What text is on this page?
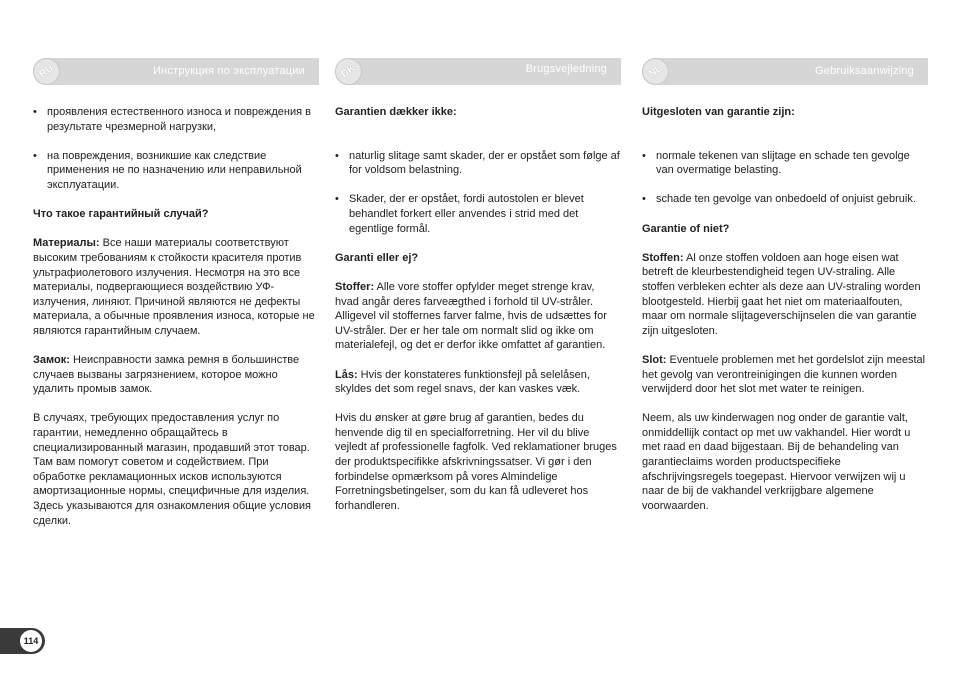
RU	Инструкция по эксплуатации

• проявления естественного износа и повреждения в результате чрезмерной нагрузки,

• на повреждения, возникшие как следствие применения не по назначению или неправильной эксплуатации.

Что такое гарантийный случай?

Материалы: Все наши материалы соответствуют высоким требованиям к стойкости красителя против ультрафиолетового излучения. Несмотря на это все материалы, подвергающиеся воздействию УФ-излучения, линяют. Причиной являются не дефекты материала, а обычные проявления износа, которые не являются гарантийным случаем.

Замок: Неисправности замка ремня в большинстве случаев вызваны загрязнением, которое можно удалить промыв замок.

В случаях, требующих предоставления услуг по гарантии, немедленно обращайтесь в специализированный магазин, продавший этот товар. Там вам помогут советом и содействием. При обработке рекламационных исков используются амортизационные нормы, специфичные для изделия. Здесь указываются для ознакомления общие условия сделки.

DK	Brugsvejledning

Garantien dækker ikke:

• naturlig slitage samt skader, der er opstået som følge af for voldsom belastning.

• Skader, der er opstået, fordi autostolen er blevet behandlet forkert eller anvendes i strid med det egentlige formål.

Garanti eller ej?

Stoffer: Alle vore stoffer opfylder meget strenge krav, hvad angår deres farveægthed i forhold til UV-stråler. Alligevel vil stoffernes farver falme, hvis de udsættes for UV-stråler. Der er her tale om normalt slid og ikke om materialefejl, og det er derfor ikke omfattet af garantien.

Lås: Hvis der konstateres funktionsfejl på selelåsen, skyldes det som regel snavs, der kan vaskes væk.

Hvis du ønsker at gøre brug af garantien, bedes du henvende dig til en specialforretning. Her vil du blive vejledt af professionelle fagfolk. Ved reklamationer bruges der produktspecifikke afskrivningssatser. Vi gør i den forbindelse opmærksom på vores Almindelige Forretningsbetingelser, som du kan få udleveret hos forhandleren.

NL	Gebruiksaanwijzing

Uitgesloten van garantie zijn:

• normale tekenen van slijtage en schade ten gevolge van overmatige belasting.

• schade ten gevolge van onbedoeld of onjuist gebruik.

Garantie of niet?

Stoffen: Al onze stoffen voldoen aan hoge eisen wat betreft de kleurbestendigheid tegen UV-straling. Alle stoffen verbleken echter als deze aan UV-straling worden blootgesteld. Hierbij gaat het niet om materiaalfouten, maar om normale slijtageverschijnselen die van garantie zijn uitgesloten.

Slot: Eventuele problemen met het gordelslot zijn meestal het gevolg van verontreinigingen die kunnen worden verwijderd door het slot met water te reinigen.

Neem, als uw kinderwagen nog onder de garantie valt, onmiddellijk contact op met uw vakhandel. Hier wordt u met raad en daad bijgestaan. Bij de behandeling van garantieclaims worden productspecifieke afschrijvingsregels toegepast. Hiervoor verwijzen wij u naar de bij de vakhandel verkrijgbare algemene voorwaarden.

114
